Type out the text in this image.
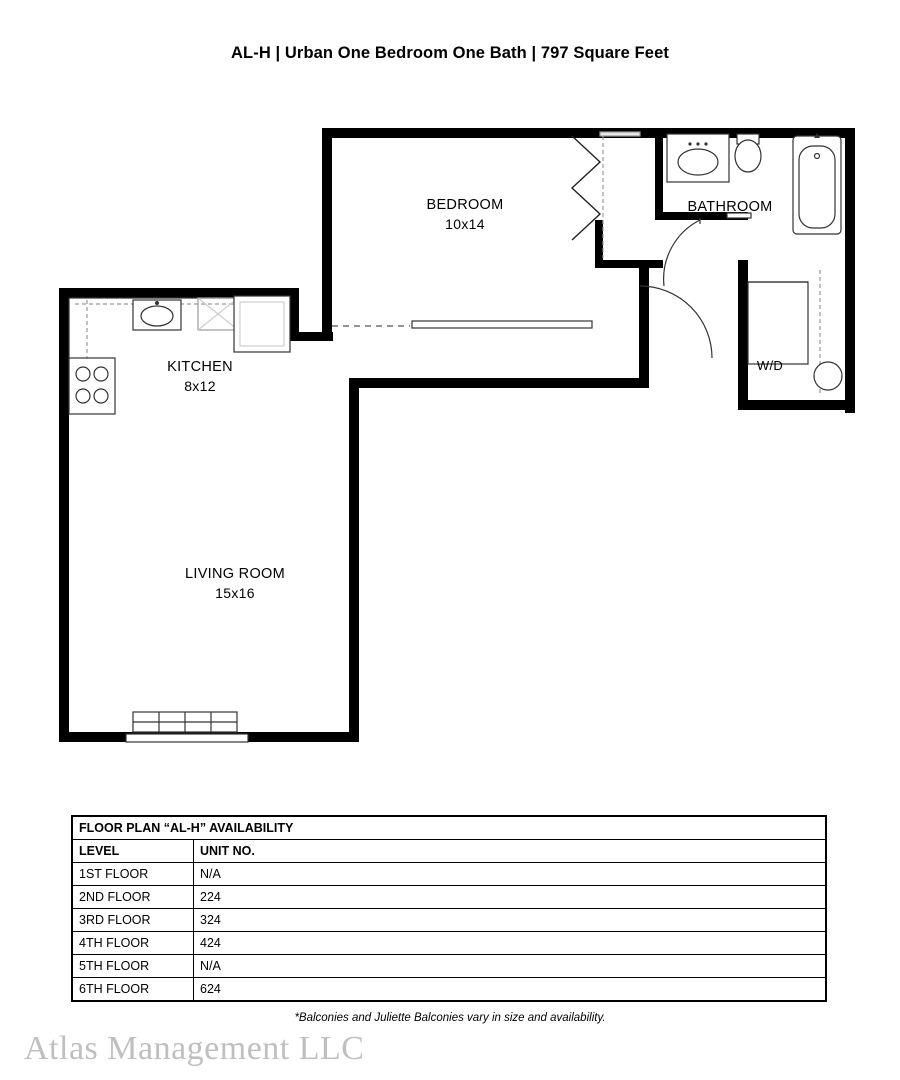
AL-H | Urban One Bedroom One Bath | 797 Square Feet
BEDROOM
10x14
BATHROOM
KITCHEN
8x12
LIVING ROOM
15x16
W/D
FLOOR PLAN “AL-H” AVAILABILITY	
LEVEL	UNIT NO.
1ST FLOOR	N/A
2ND FLOOR	224
3RD FLOOR	324
4TH FLOOR	424
5TH FLOOR	N/A
6TH FLOOR	624
*Balconies and Juliette Balconies vary in size and availability.
Atlas Management LLC
